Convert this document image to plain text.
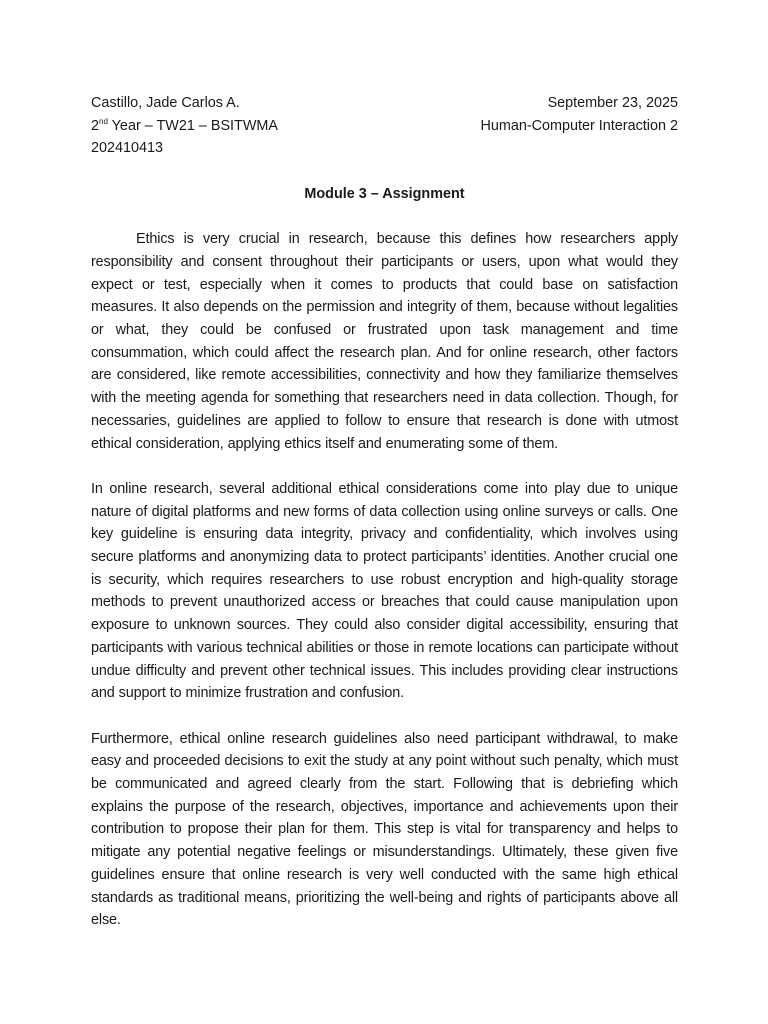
Castillo, Jade Carlos A.
2nd Year – TW21 – BSITWMA
202410413
September 23, 2025
Human-Computer Interaction 2
Module 3 – Assignment

Ethics is very crucial in research, because this defines how researchers apply responsibility and consent throughout their participants or users, upon what would they expect or test, especially when it comes to products that could base on satisfaction measures. It also depends on the permission and integrity of them, because without legalities or what, they could be confused or frustrated upon task management and time consummation, which could affect the research plan. And for online research, other factors are considered, like remote accessibilities, connectivity and how they familiarize themselves with the meeting agenda for something that researchers need in data collection. Though, for necessaries, guidelines are applied to follow to ensure that research is done with utmost ethical consideration, applying ethics itself and enumerating some of them.

In online research, several additional ethical considerations come into play due to unique nature of digital platforms and new forms of data collection using online surveys or calls. One key guideline is ensuring data integrity, privacy and confidentiality, which involves using secure platforms and anonymizing data to protect participants’ identities. Another crucial one is security, which requires researchers to use robust encryption and high-quality storage methods to prevent unauthorized access or breaches that could cause manipulation upon exposure to unknown sources. They could also consider digital accessibility, ensuring that participants with various technical abilities or those in remote locations can participate without undue difficulty and prevent other technical issues. This includes providing clear instructions and support to minimize frustration and confusion.

Furthermore, ethical online research guidelines also need participant withdrawal, to make easy and proceeded decisions to exit the study at any point without such penalty, which must be communicated and agreed clearly from the start. Following that is debriefing which explains the purpose of the research, objectives, importance and achievements upon their contribution to propose their plan for them. This step is vital for transparency and helps to mitigate any potential negative feelings or misunderstandings. Ultimately, these given five guidelines ensure that online research is very well conducted with the same high ethical standards as traditional means, prioritizing the well-being and rights of participants above all else.
